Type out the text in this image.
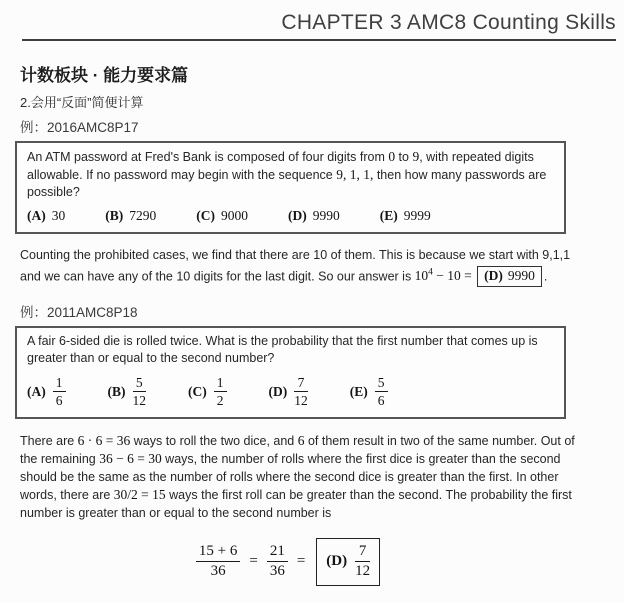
CHAPTER 3 AMC8 Counting Skills
计数板块 · 能力要求篇
2.会用“反面”简便计算
例：2016AMC8P17

An ATM password at Fred's Bank is composed of four digits from 0 to 9, with repeated digits allowable. If no password may begin with the sequence 9, 1, 1, then how many passwords are possible?

(A) 30	(B) 7290	(C) 9000	(D) 9990	(E) 9999

Counting the prohibited cases, we find that there are 10 of them. This is because we start with 9,1,1 and we can have any of the 10 digits for the last digit. So our answer is $10^4 - 10 = (D)$ 9990 .

例：2011AMC8P18

A fair 6-sided die is rolled twice. What is the probability that the first number that comes up is greater than or equal to the second number?

$(A) \frac{1}{6}$	$(B) \frac{5}{12}$	$(C) \frac{1}{2}$	$(D) \frac{7}{12}$	$(E) \frac{5}{6}$

There are 6 · 6 = 36 ways to roll the two dice, and 6 of them result in two of the same number. Out of the remaining 36 − 6 = 30 ways, the number of rolls where the first dice is greater than the second should be the same as the number of rolls where the second dice is greater than the first. In other words, there are 30/2 = 15 ways the first roll can be greater than the second. The probability the first number is greater than or equal to the second number is

$\frac{15 + 6}{36} = \frac{21}{36} = (D) \frac{7}{12}$
